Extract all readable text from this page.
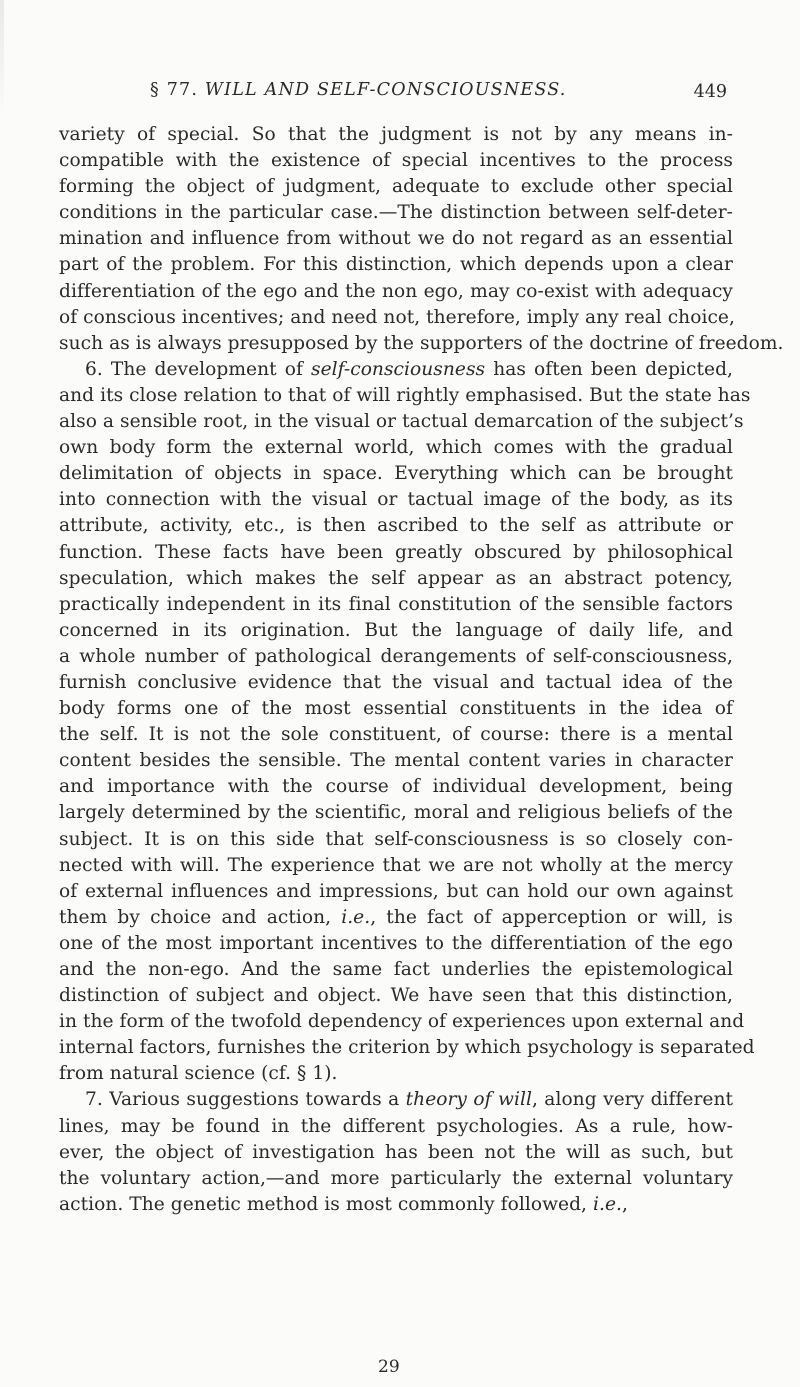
§ 77. WILL AND SELF-CONSCIOUSNESS.	449

variety of special. So that the judgment is not by any means in-
compatible with the existence of special incentives to the process
forming the object of judgment, adequate to exclude other special
conditions in the particular case.—The distinction between self-deter-
mination and influence from without we do not regard as an essential
part of the problem. For this distinction, which depends upon a clear
differentiation of the ego and the non ego, may co-exist with adequacy
of conscious incentives; and need not, therefore, imply any real choice,
such as is always presupposed by the supporters of the doctrine of freedom.

6. The development of self-consciousness has often been depicted,
and its close relation to that of will rightly emphasised. But the state has
also a sensible root, in the visual or tactual demarcation of the subject’s
own body form the external world, which comes with the gradual
delimitation of objects in space. Everything which can be brought
into connection with the visual or tactual image of the body, as its
attribute, activity, etc., is then ascribed to the self as attribute or
function. These facts have been greatly obscured by philosophical
speculation, which makes the self appear as an abstract potency,
practically independent in its final constitution of the sensible factors
concerned in its origination. But the language of daily life, and
a whole number of pathological derangements of self-consciousness,
furnish conclusive evidence that the visual and tactual idea of the
body forms one of the most essential constituents in the idea of
the self. It is not the sole constituent, of course: there is a mental
content besides the sensible. The mental content varies in character
and importance with the course of individual development, being
largely determined by the scientific, moral and religious beliefs of the
subject. It is on this side that self-consciousness is so closely con-
nected with will. The experience that we are not wholly at the mercy
of external influences and impressions, but can hold our own against
them by choice and action, i.e., the fact of apperception or will, is
one of the most important incentives to the differentiation of the ego
and the non-ego. And the same fact underlies the epistemological
distinction of subject and object. We have seen that this distinction,
in the form of the twofold dependency of experiences upon external and
internal factors, furnishes the criterion by which psychology is separated
from natural science (cf. § 1).

7. Various suggestions towards a theory of will, along very different
lines, may be found in the different psychologies. As a rule, how-
ever, the object of investigation has been not the will as such, but
the voluntary action,—and more particularly the external voluntary
action. The genetic method is most commonly followed, i.e.,

29
